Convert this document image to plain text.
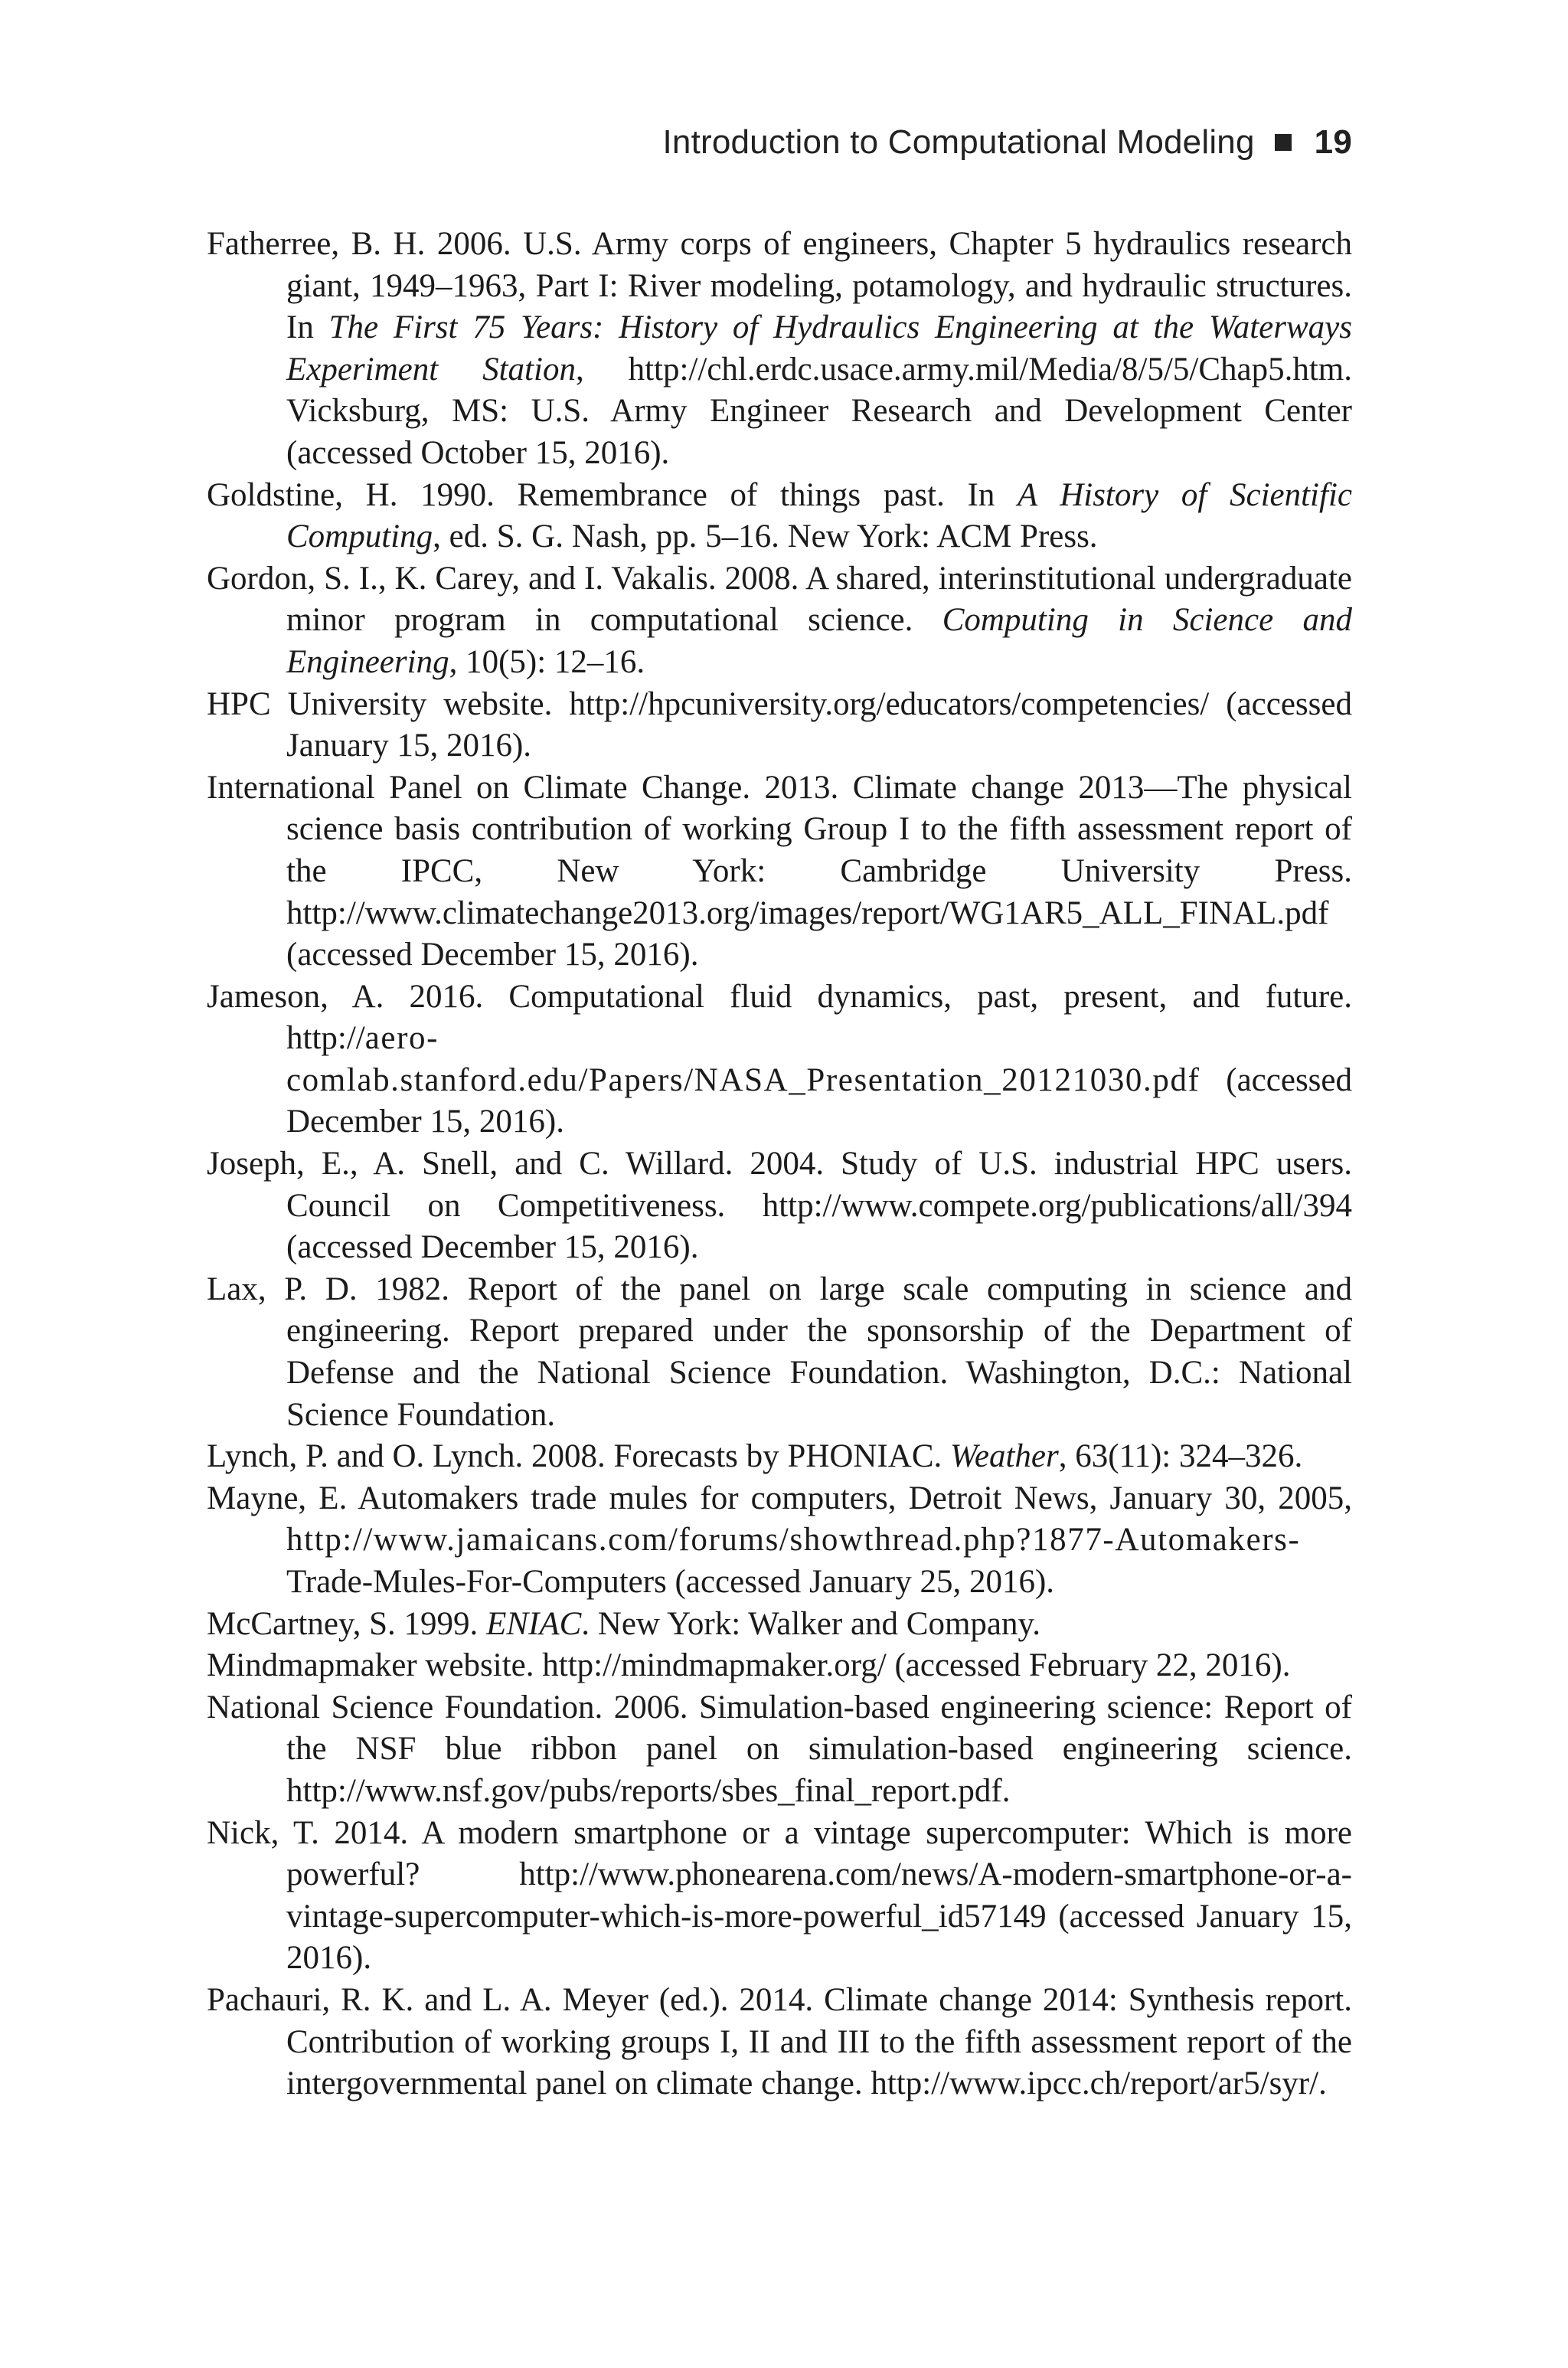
Introduction to Computational Modeling 19

Fatherree, B. H. 2006. U.S. Army corps of engineers, Chapter 5 hydraulics research giant, 1949–1963, Part I: River modeling, potamology, and hydraulic structures. In The First 75 Years: History of Hydraulics Engineering at the Waterways Experiment Station, http://chl.erdc.usace.army.mil/Media/8/5/5/Chap5.htm. Vicksburg, MS: U.S. Army Engineer Research and Development Center (accessed October 15, 2016).

Goldstine, H. 1990. Remembrance of things past. In A History of Scientific Computing, ed. S. G. Nash, pp. 5–16. New York: ACM Press.

Gordon, S. I., K. Carey, and I. Vakalis. 2008. A shared, interinstitutional undergraduate minor program in computational science. Computing in Science and Engineering, 10(5): 12–16.

HPC University website. http://hpcuniversity.org/educators/competencies/ (accessed January 15, 2016).

International Panel on Climate Change. 2013. Climate change 2013—The physical science basis contribution of working Group I to the fifth assessment report of the IPCC, New York: Cambridge University Press. http://www.climatechange2013.org/images/report/WG1AR5_ALL_FINAL.pdf (accessed December 15, 2016).

Jameson, A. 2016. Computational fluid dynamics, past, present, and future. http://aero-comlab.stanford.edu/Papers/NASA_Presentation_20121030.pdf (accessed December 15, 2016).

Joseph, E., A. Snell, and C. Willard. 2004. Study of U.S. industrial HPC users. Council on Competitiveness. http://www.compete.org/publications/all/394 (accessed December 15, 2016).

Lax, P. D. 1982. Report of the panel on large scale computing in science and engineering. Report prepared under the sponsorship of the Department of Defense and the National Science Foundation. Washington, D.C.: National Science Foundation.

Lynch, P. and O. Lynch. 2008. Forecasts by PHONIAC. Weather, 63(11): 324–326.

Mayne, E. Automakers trade mules for computers, Detroit News, January 30, 2005, http://www.jamaicans.com/forums/showthread.php?1877-Automakers-Trade-Mules-For-Computers (accessed January 25, 2016).

McCartney, S. 1999. ENIAC. New York: Walker and Company.

Mindmapmaker website. http://mindmapmaker.org/ (accessed February 22, 2016).

National Science Foundation. 2006. Simulation-based engineering science: Report of the NSF blue ribbon panel on simulation-based engineering science. http://www.nsf.gov/pubs/reports/sbes_final_report.pdf.

Nick, T. 2014. A modern smartphone or a vintage supercomputer: Which is more powerful? http://www.phonearena.com/news/A-modern-smartphone-or-a-vintage-supercomputer-which-is-more-powerful_id57149 (accessed January 15, 2016).

Pachauri, R. K. and L. A. Meyer (ed.). 2014. Climate change 2014: Synthesis report. Contribution of working groups I, II and III to the fifth assessment report of the intergovernmental panel on climate change. http://www.ipcc.ch/report/ar5/syr/.
